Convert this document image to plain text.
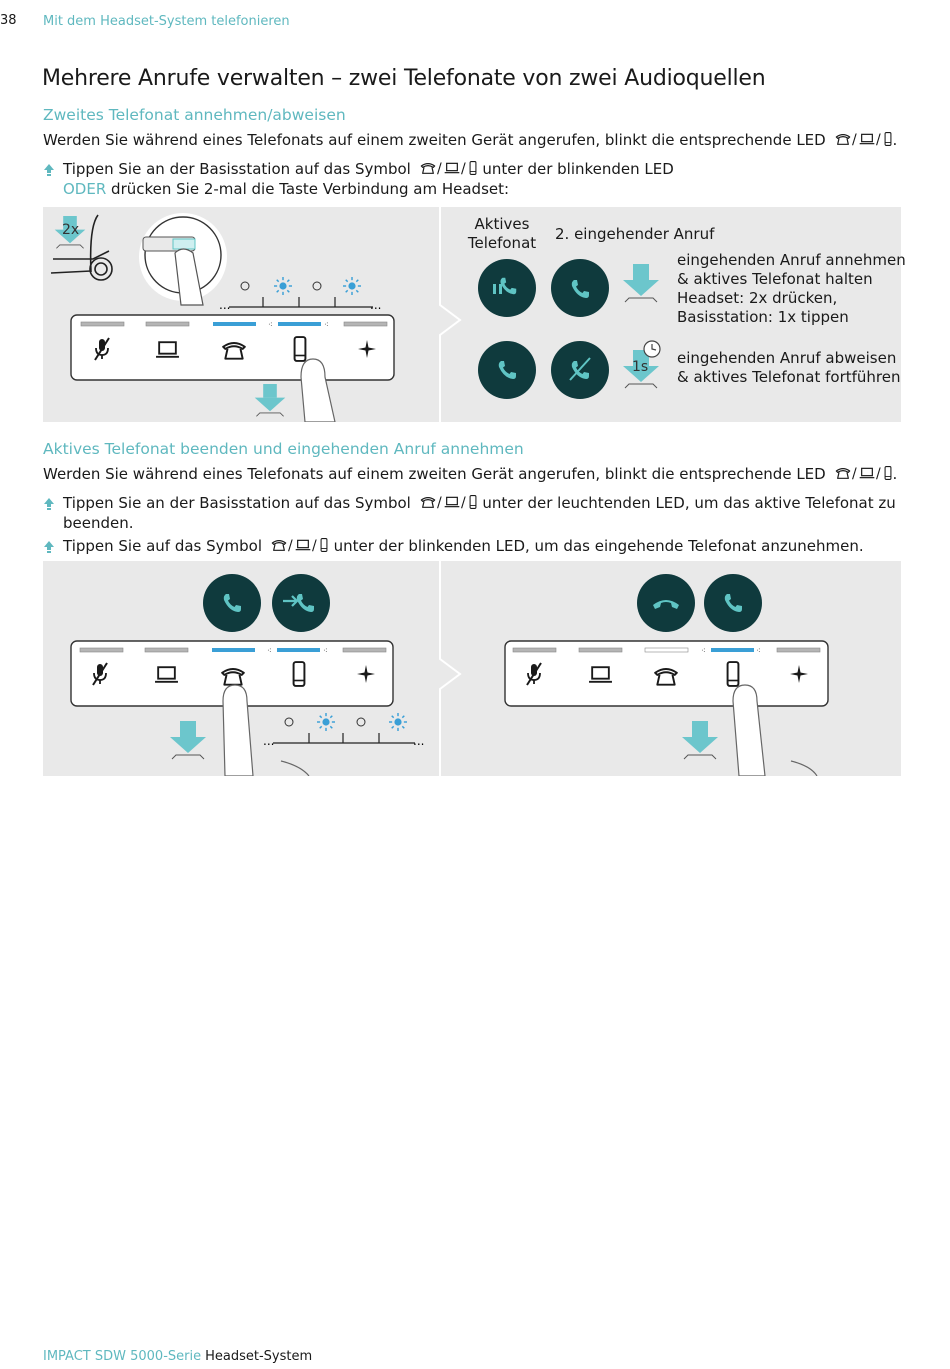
38 Mit dem Headset-System telefonieren
Mehrere Anrufe verwalten – zwei Telefonate von zwei Audioquellen
Zweites Telefonat annehmen/abweisen
Werden Sie während eines Telefonats auf einem zweiten Gerät angerufen, blinkt die entsprechende LED / / .
Tippen Sie an der Basisstation auf das Symbol / / unter der blinkenden LED
ODER drücken Sie 2-mal die Taste Verbindung am Headset:
...	...
⁖	⁖
2x
1s
Aktives Telefonat 2. eingehender Anruf
eingehenden Anruf annehmen
& aktives Telefonat halten
Headset: 2x drücken,
Basisstation: 1x tippen
eingehenden Anruf abweisen
& aktives Telefonat fortführen
Aktives Telefonat beenden und eingehenden Anruf annehmen
Werden Sie während eines Telefonats auf einem zweiten Gerät angerufen, blinkt die entsprechende LED / / .
Tippen Sie an der Basisstation auf das Symbol / / unter der leuchtenden LED, um das aktive Telefonat zu
beenden.
Tippen Sie auf das Symbol / / unter der blinkenden LED, um das eingehende Telefonat anzunehmen.
⁖	⁖
...	...
⁖	⁖
IMPACT SDW 5000-Serie Headset-System
